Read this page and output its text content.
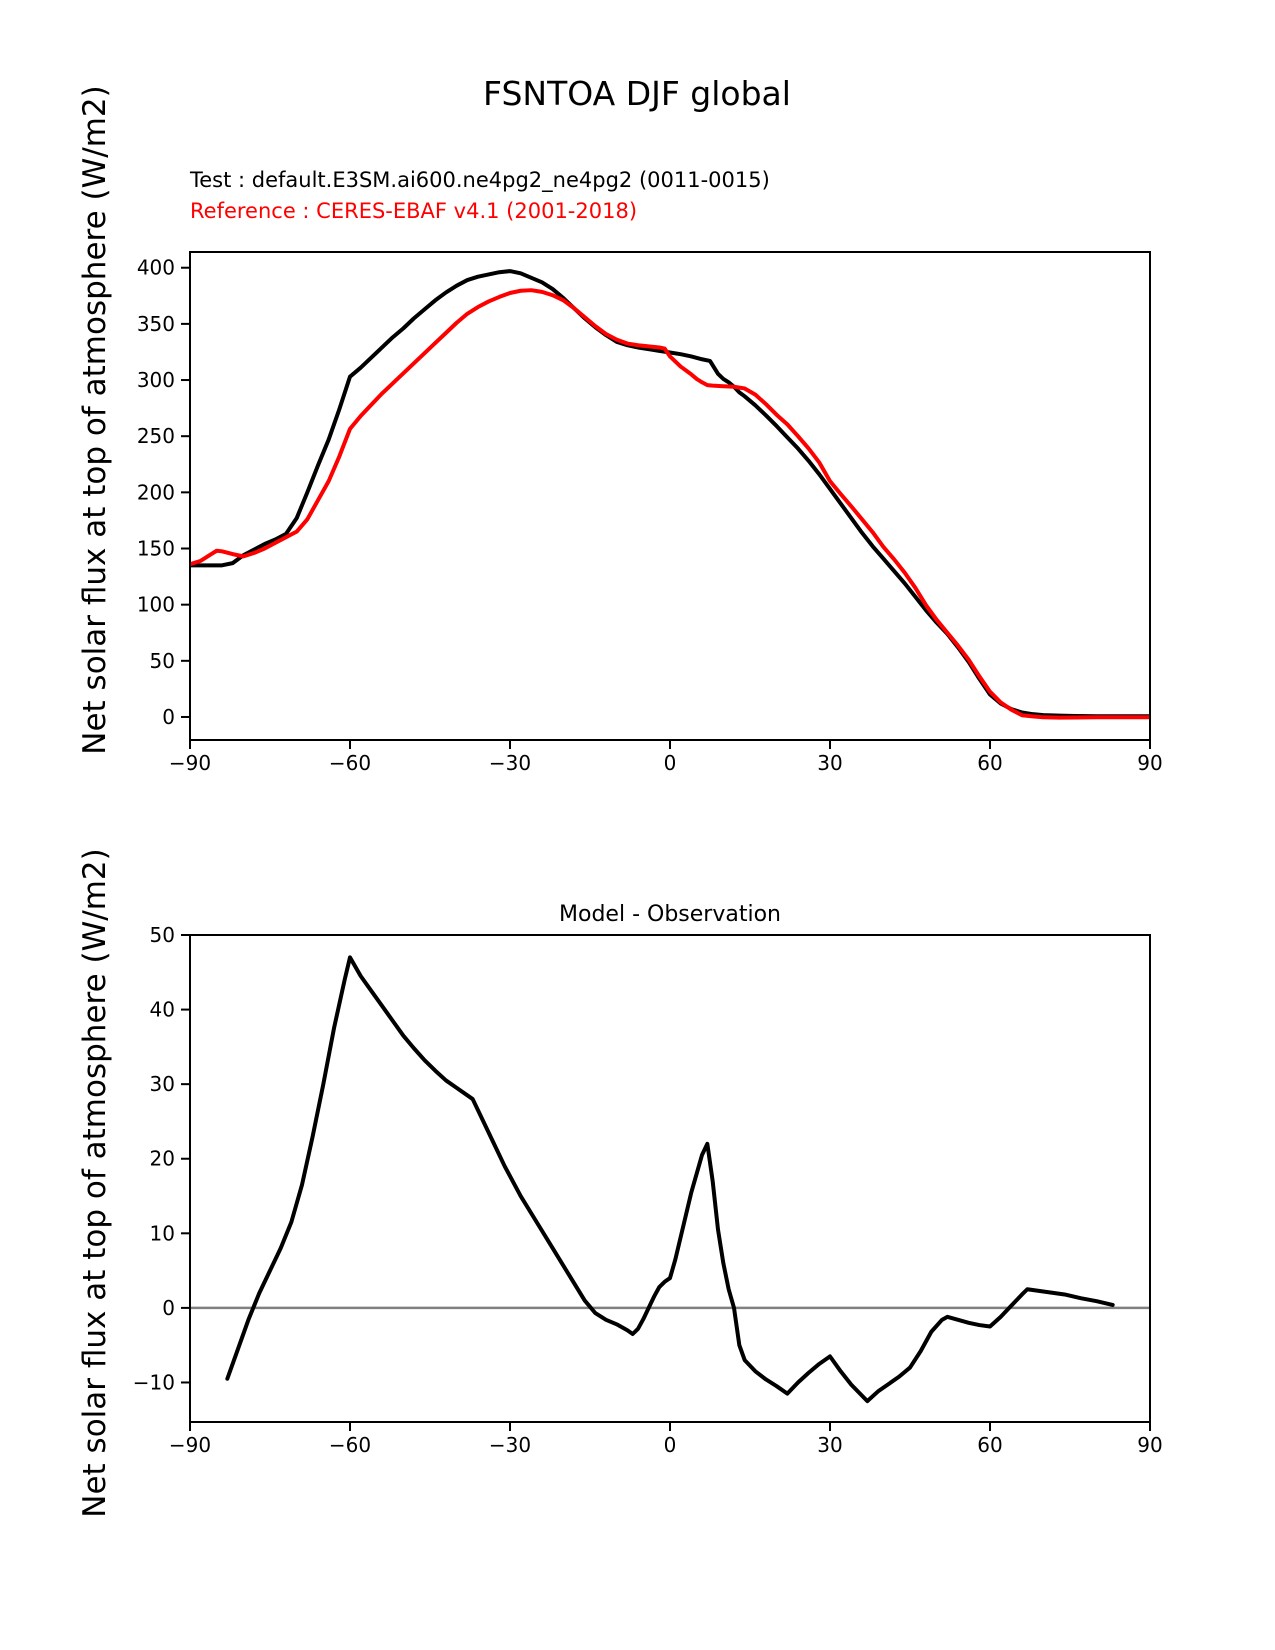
Net solar flux at top of atmosphere (W/m2)
Net solar flux at top of atmosphere (W/m2)
FSNTOA DJF global
Test : default.E3SM.ai600.ne4pg2_ne4pg2 (0011-0015)
Reference : CERES-EBAF v4.1 (2001-2018)
Model - Observation
−90	−60	−30	0	30	60	90
0
50
100
150
200
250
300
350
400
−90	−60	−30	0	30	60	90
−10
0
10
20
30
40
50
